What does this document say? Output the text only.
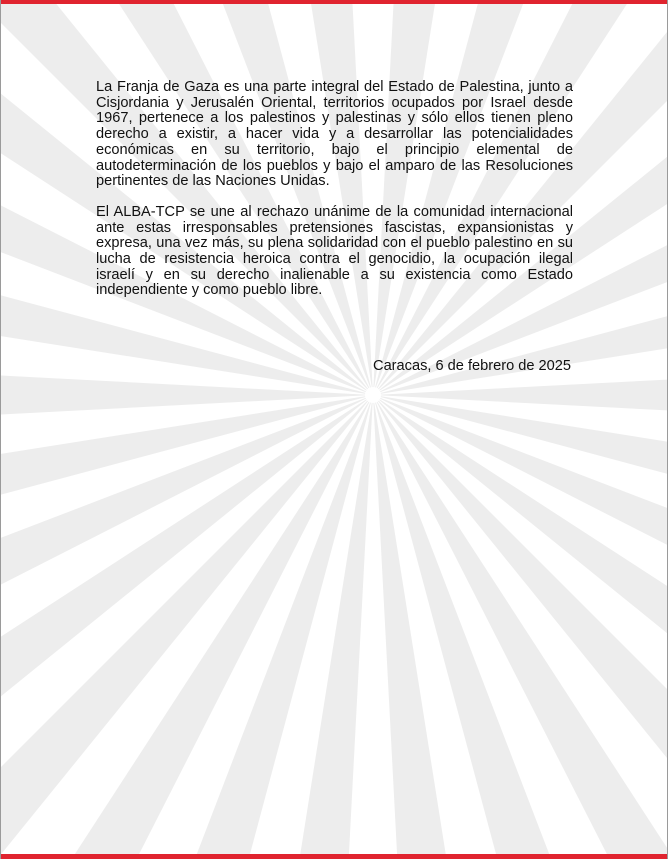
La Franja de Gaza es una parte integral del Estado de Palestina, junto a Cisjordania y Jerusalén Oriental, territorios ocupados por Israel desde 1967, pertenece a los palestinos y palestinas y sólo ellos tienen pleno derecho a existir, a hacer vida y a desarrollar las potencialidades económicas en su territorio, bajo el principio elemental de autodeterminación de los pueblos y bajo el amparo de las Resoluciones pertinentes de las Naciones Unidas.

El ALBA-TCP se une al rechazo unánime de la comunidad internacional ante estas irresponsables pretensiones fascistas, expansionistas y expresa, una vez más, su plena solidaridad con el pueblo palestino en su lucha de resistencia heroica contra el genocidio, la ocupación ilegal israelí y en su derecho inalienable a su existencia como Estado independiente y como pueblo libre.

Caracas, 6 de febrero de 2025
